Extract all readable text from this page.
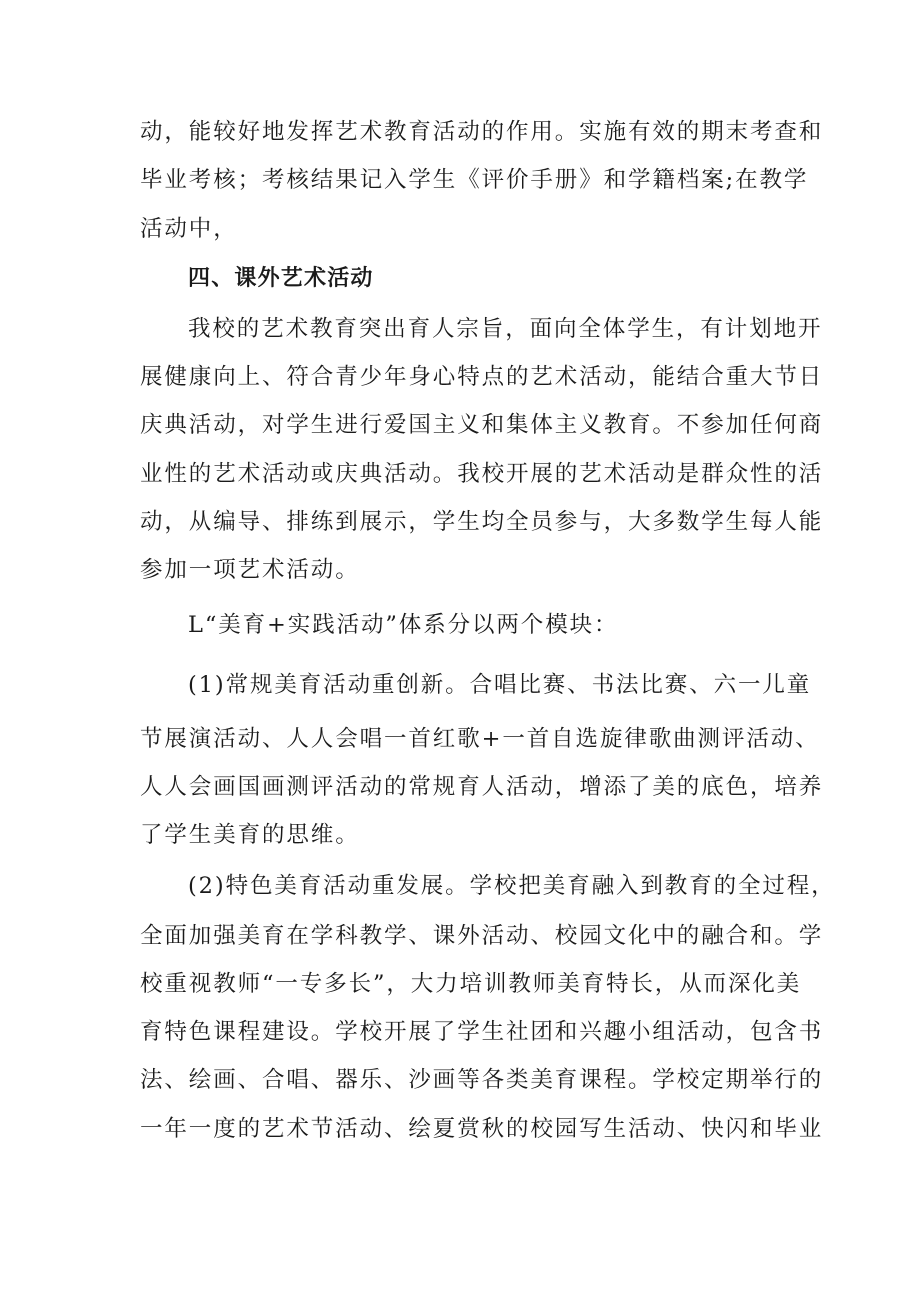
动，能较好地发挥艺术教育活动的作用。实施有效的期末考查和
毕业考核；考核结果记入学生《评价手册》和学籍档案;在教学
活动中，
四、课外艺术活动
我校的艺术教育突出育人宗旨，面向全体学生，有计划地开
展健康向上、符合青少年身心特点的艺术活动，能结合重大节日
庆典活动，对学生进行爱国主义和集体主义教育。不参加任何商
业性的艺术活动或庆典活动。我校开展的艺术活动是群众性的活
动，从编导、排练到展示，学生均全员参与，大多数学生每人能
参加一项艺术活动。
L“美育+实践活动”体系分以两个模块：
(1)常规美育活动重创新。合唱比赛、书法比赛、六一儿童
节展演活动、人人会唱一首红歌+一首自选旋律歌曲测评活动、
人人会画国画测评活动的常规育人活动，增添了美的底色，培养
了学生美育的思维。
(2)特色美育活动重发展。学校把美育融入到教育的全过程，
全面加强美育在学科教学、课外活动、校园文化中的融合和。学
校重视教师“一专多长”，大力培训教师美育特长，从而深化美
育特色课程建设。学校开展了学生社团和兴趣小组活动，包含书
法、绘画、合唱、器乐、沙画等各类美育课程。学校定期举行的
一年一度的艺术节活动、绘夏赏秋的校园写生活动、快闪和毕业
